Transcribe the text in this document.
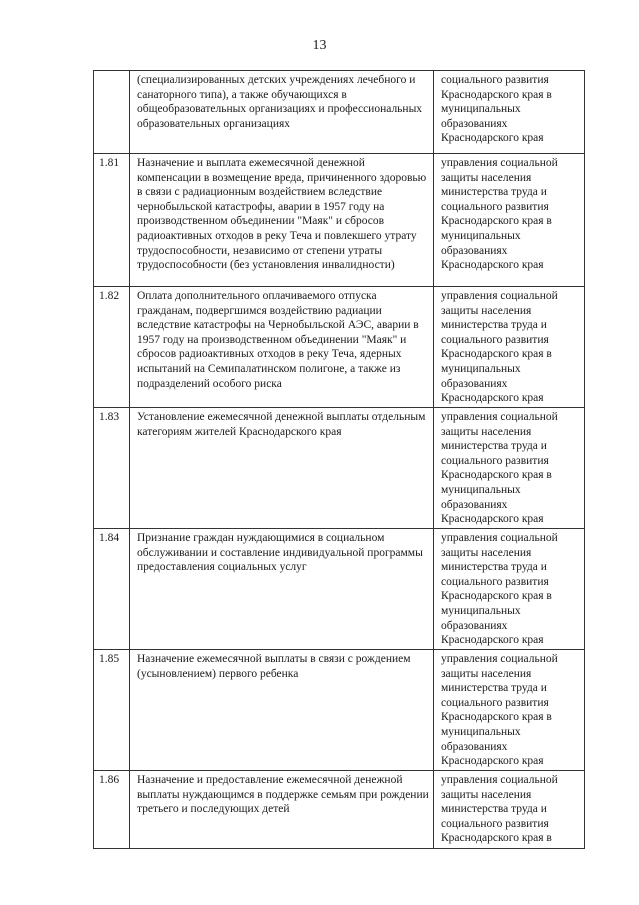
13
	(специализированных детских учреждениях лечебного и санаторного типа), а также обучающихся в общеобразовательных организациях и профессиональных образовательных организациях	социального развития Краснодарского края в муниципальных образованиях Краснодарского края
1.81	Назначение и выплата ежемесячной денежной компенсации в возмещение вреда, причиненного здоровью в связи с радиационным воздействием вследствие чернобыльской катастрофы, аварии в 1957 году на производственном объединении "Маяк" и сбросов радиоактивных отходов в реку Теча и повлекшего утрату трудоспособности, независимо от степени утраты трудоспособности (без установления инвалидности)	управления социальной защиты населения министерства труда и социального развития Краснодарского края в муниципальных образованиях Краснодарского края
1.82	Оплата дополнительного оплачиваемого отпуска гражданам, подвергшимся воздействию радиации вследствие катастрофы на Чернобыльской АЭС, аварии в 1957 году на производственном объединении "Маяк" и сбросов радиоактивных отходов в реку Теча, ядерных испытаний на Семипалатинском полигоне, а также из подразделений особого риска	управления социальной защиты населения министерства труда и социального развития Краснодарского края в муниципальных образованиях Краснодарского края
1.83	Установление ежемесячной денежной выплаты отдельным категориям жителей Краснодарского края	управления социальной защиты населения министерства труда и социального развития Краснодарского края в муниципальных образованиях Краснодарского края
1.84	Признание граждан нуждающимися в социальном обслуживании и составление индивидуальной программы предоставления социальных услуг	управления социальной защиты населения министерства труда и социального развития Краснодарского края в муниципальных образованиях Краснодарского края
1.85	Назначение ежемесячной выплаты в связи с рождением (усыновлением) первого ребенка	управления социальной защиты населения министерства труда и социального развития Краснодарского края в муниципальных образованиях Краснодарского края
1.86	Назначение и предоставление ежемесячной денежной выплаты нуждающимся в поддержке семьям при рождении третьего и последующих детей	управления социальной защиты населения министерства труда и социального развития Краснодарского края в
